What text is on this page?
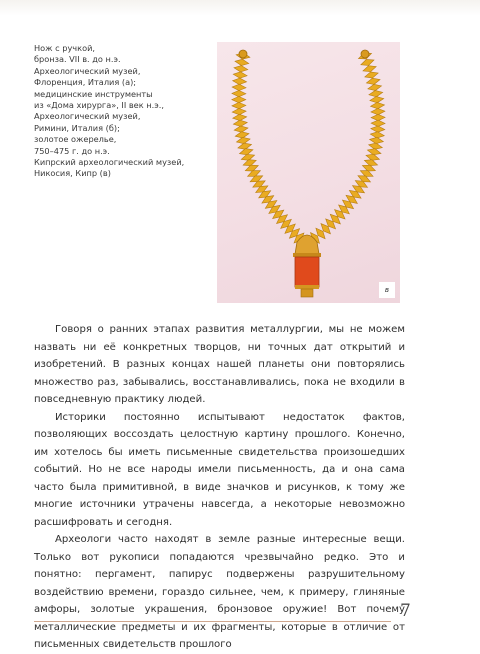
Нож с ручкой,
бронза. VII в. до н.э.
Археологический музей,
Флоренция, Италия (а);
медицинские инструменты
из «Дома хирурга», II век н.э.,
Археологический музей,
Римини, Италия (б);
золотое ожерелье,
750–475 г. до н.э.
Кипрский археологический музей,
Никосия, Кипр (в)
в

Говоря о ранних этапах развития металлургии, мы не можем назвать ни её конкретных творцов, ни точных дат открытий и изобретений. В разных концах нашей планеты они повторялись множество раз, забывались, восстанавливались, пока не входили в повседневную практику людей.

Историки постоянно испытывают недостаток фактов, позволяющих воссоздать целостную картину прошлого. Конечно, им хотелось бы иметь письменные свидетельства произошедших событий. Но не все народы имели письменность, да и она сама часто была примитивной, в виде значков и рисунков, к тому же многие источники утрачены навсегда, а некоторые невозможно расшифровать и сегодня.

Археологи часто находят в земле разные интересные вещи. Только вот рукописи попадаются чрезвычайно редко. Это и понятно: пергамент, папирус подвержены разрушительному воздействию времени, гораздо сильнее, чем, к примеру, глиняные амфоры, золотые украшения, бронзовое оружие! Вот почему металлические предметы и их фрагменты, которые в отличие от письменных свидетельств прошлого

7
